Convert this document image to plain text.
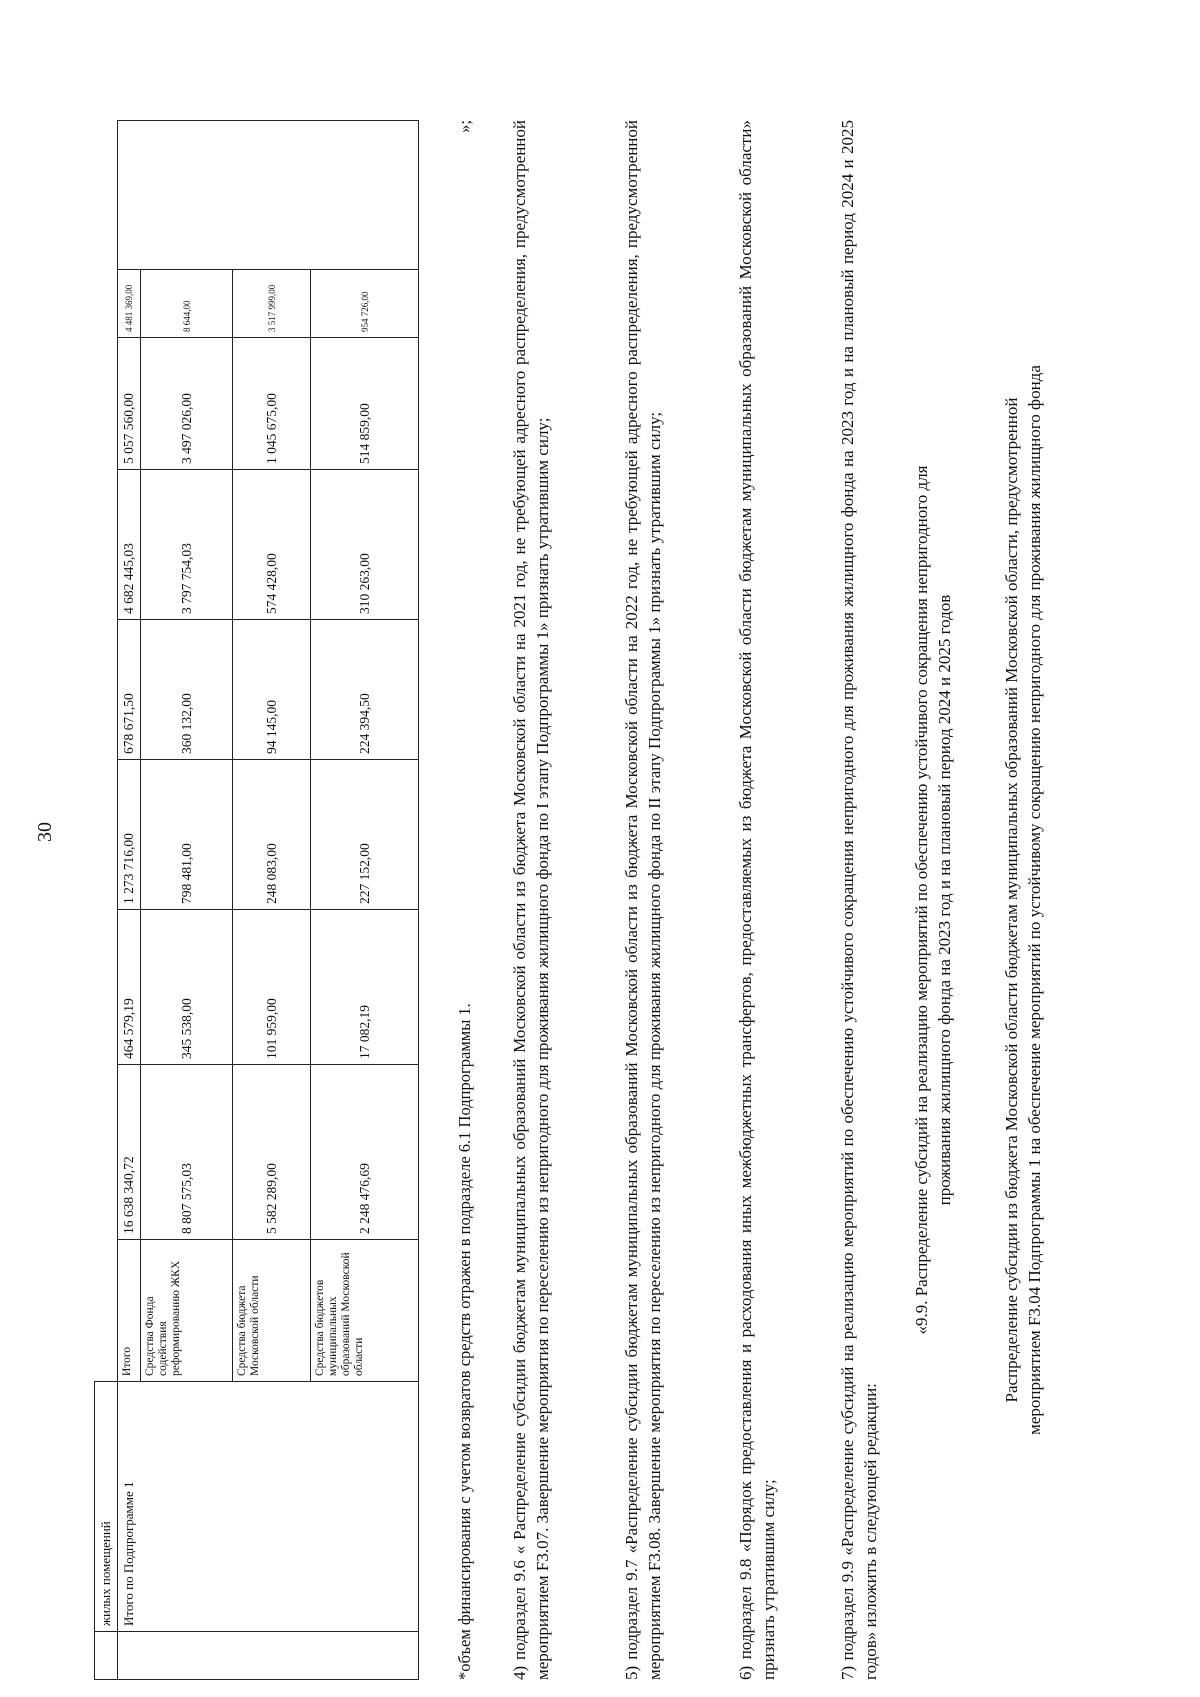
30
	жилых помещений									
	Итого по Подпрограмме 1	Итого	16 638 340,72	464 579,19	1 273 716,00	678 671,50	4 682 445,03	5 057 560,00	4 481 369,00	
		Средства Фонда содействия реформированию ЖКХ	8 807 575,03	345 538,00	798 481,00	360 132,00	3 797 754,03	3 497 026,00	8 644,00	
		Средства бюджета Московской области	5 582 289,00	101 959,00	248 083,00	94 145,00	574 428,00	1 045 675,00	3 517 999,00	
		Средства бюджетов муниципальных образований Московской области	2 248 476,69	17 082,19	227 152,00	224 394,50	310 263,00	514 859,00	954 726,00	
*объем финансирования с учетом возвратов средств отражен в подразделе 6.1 Подпрограммы 1.
»; 4) подраздел 9.6 « Распределение субсидии бюджетам муниципальных образований Московской области из бюджета Московской области на 2021 год, не требующей адресного распределения, предусмотренной мероприятием F3.07. Завершение мероприятия по переселению из непригодного для проживания жилищного фонда по I этапу Подпрограммы 1» признать утратившим силу;	5) подраздел 9.7 «Распределение субсидии бюджетам муниципальных образований Московской области из бюджета Московской области на 2022 год, не требующей адресного распределения, предусмотренной мероприятием F3.08. Завершение мероприятия по переселению из непригодного для проживания жилищного фонда по II этапу Подпрограммы 1» признать утратившим силу;	6) подраздел 9.8 «Порядок предоставления и расходования иных межбюджетных трансфертов, предоставляемых из бюджета Московской области бюджетам муниципальных образований Московской области» признать утратившим силу;	7) подраздел 9.9 «Распределение субсидий на реализацию мероприятий по обеспечению устойчивого сокращения непригодного для проживания жилищного фонда на 2023 год и на плановый период 2024 и 2025 годов» изложить в следующей редакции:
«9.9. Распределение субсидий на реализацию мероприятий по обеспечению устойчивого сокращения непригодного для проживания жилищного фонда на 2023 год и на плановый период 2024 и 2025 годов	Распределение субсидии из бюджета Московской области бюджетам муниципальных образований Московской области, предусмотренной мероприятием F3.04 Подпрограммы 1 на обеспечение мероприятий по устойчивому сокращению непригодного для проживания жилищного фонда
